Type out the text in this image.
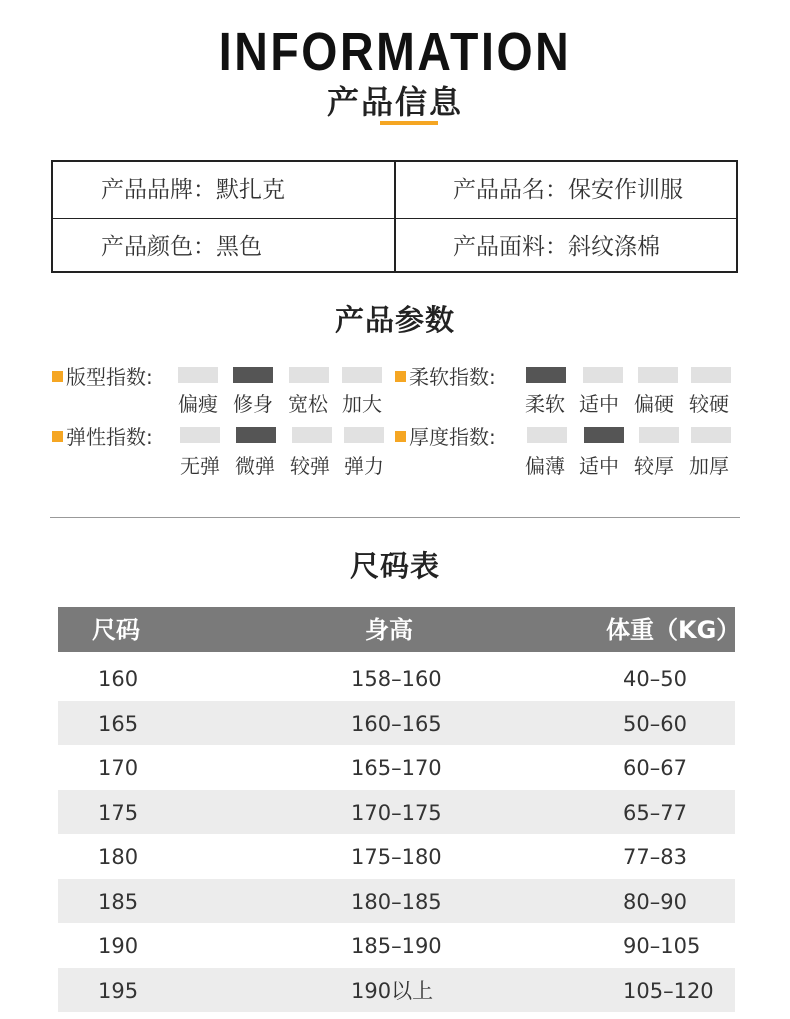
INFORMATION
产品信息
产品品牌：默扎克	产品品名：保安作训服
产品颜色：黑色	产品面料：斜纹涤棉
产品参数
版型指数:
偏瘦 修身 宽松 加大
柔软指数:
柔软 适中 偏硬 较硬
弹性指数:
无弹 微弹 较弹 弹力
厚度指数:
偏薄 适中 较厚 加厚
尺码表
尺码	身高	体重（KG）
160	158–160	40–50
165	160–165	50–60
170	165–170	60–67
175	170–175	65–77
180	175–180	77–83
185	180–185	80–90
190	185–190	90–105
195	190以上	105–120
